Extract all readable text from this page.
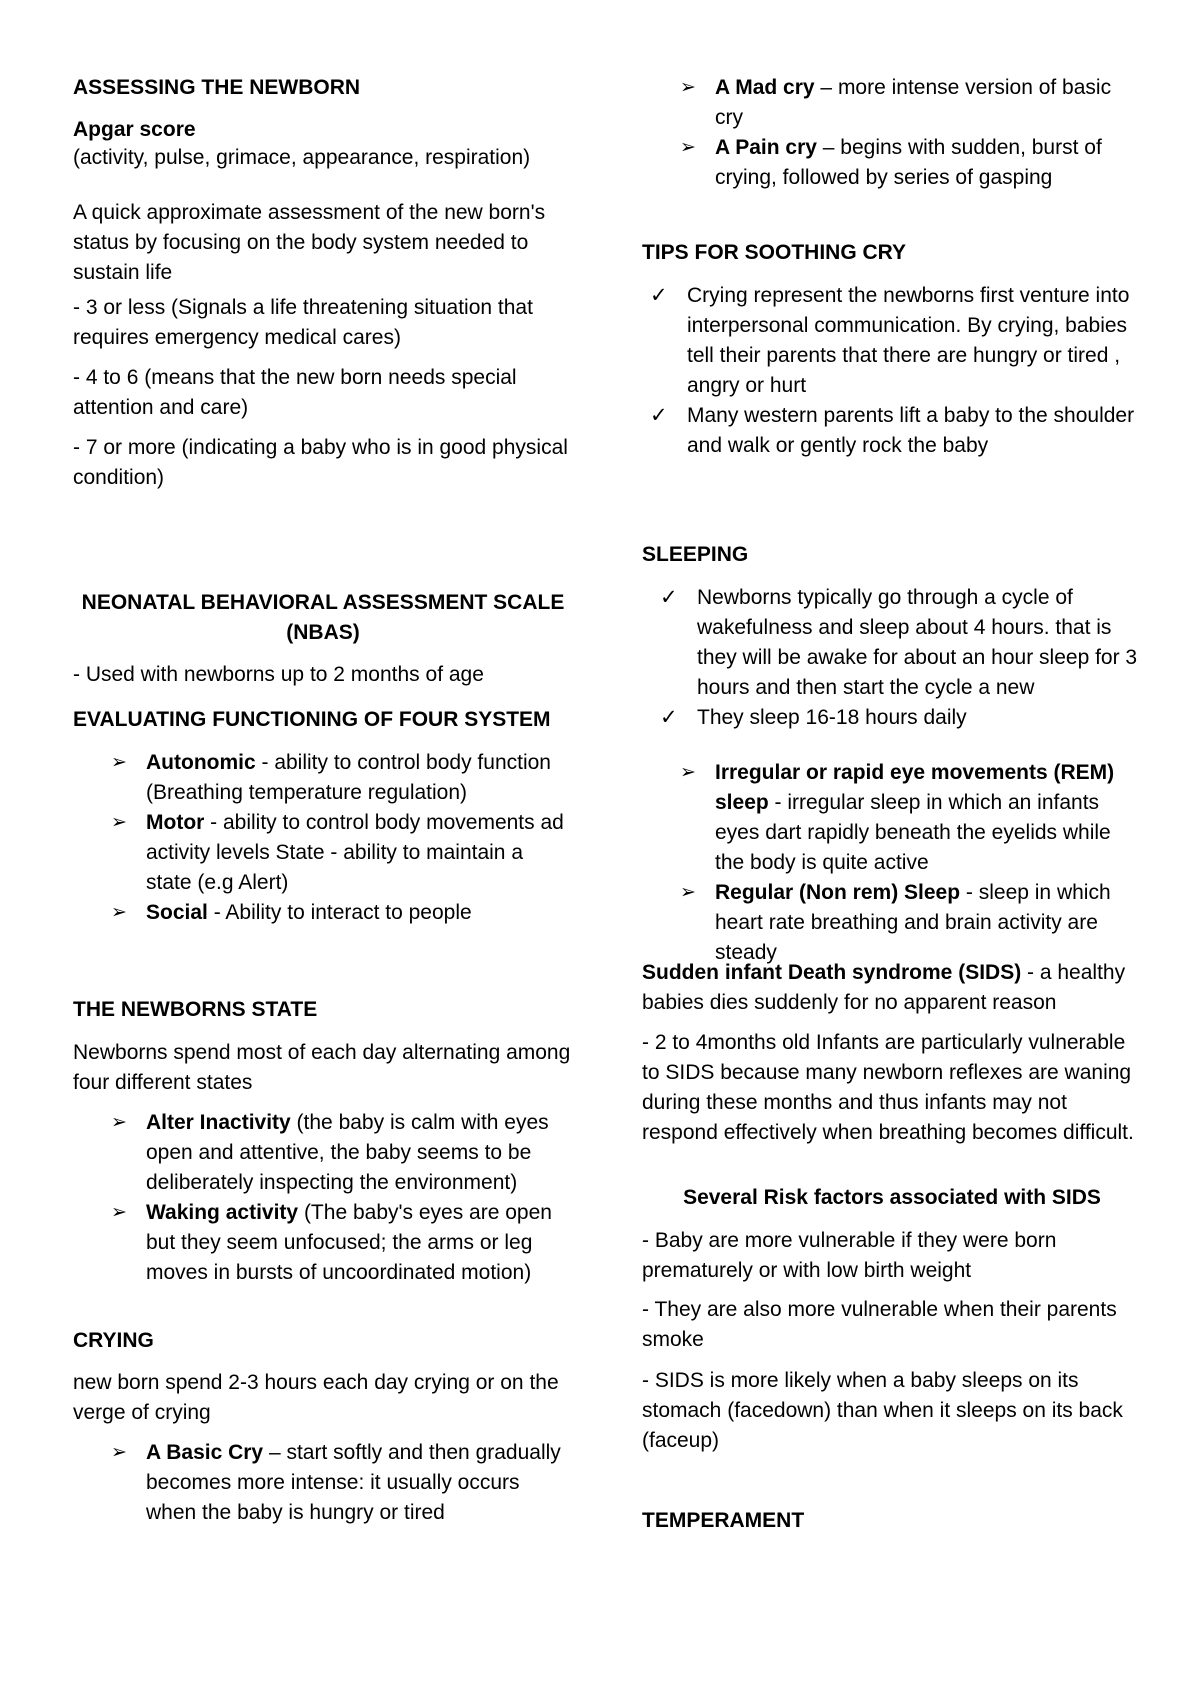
ASSESSING THE NEWBORN
Apgar score
(activity, pulse, grimace, appearance, respiration)
A quick approximate assessment of the new born's status by focusing on the body system needed to sustain life
- 3 or less (Signals a life threatening situation that requires emergency medical cares)
- 4 to 6 (means that the new born needs special attention and care)
- 7 or more (indicating a baby who is in good physical condition)
NEONATAL BEHAVIORAL ASSESSMENT SCALE (NBAS)
- Used with newborns up to 2 months of age
EVALUATING FUNCTIONING OF FOUR SYSTEM
➢ Autonomic - ability to control body function (Breathing temperature regulation)
➢ Motor - ability to control body movements ad activity levels State - ability to maintain a state (e.g Alert)
➢ Social - Ability to interact to people
THE NEWBORNS STATE
Newborns spend most of each day alternating among four different states
➢ Alter Inactivity (the baby is calm with eyes open and attentive, the baby seems to be deliberately inspecting the environment)
➢ Waking activity (The baby's eyes are open but they seem unfocused; the arms or leg moves in bursts of uncoordinated motion)
CRYING
new born spend 2-3 hours each day crying or on the verge of crying
➢ A Basic Cry – start softly and then gradually becomes more intense: it usually occurs when the baby is hungry or tired
➢ A Mad cry – more intense version of basic cry
➢ A Pain cry – begins with sudden, burst of crying, followed by series of gasping
TIPS FOR SOOTHING CRY
✓ Crying represent the newborns first venture into interpersonal communication. By crying, babies tell their parents that there are hungry or tired , angry or hurt
✓ Many western parents lift a baby to the shoulder and walk or gently rock the baby
SLEEPING
✓ Newborns typically go through a cycle of wakefulness and sleep about 4 hours. that is they will be awake for about an hour sleep for 3 hours and then start the cycle a new
✓ They sleep 16-18 hours daily
➢ Irregular or rapid eye movements (REM) sleep - irregular sleep in which an infants eyes dart rapidly beneath the eyelids while the body is quite active
➢ Regular (Non rem) Sleep - sleep in which heart rate breathing and brain activity are steady
Sudden infant Death syndrome (SIDS) - a healthy babies dies suddenly for no apparent reason
- 2 to 4months old Infants are particularly vulnerable to SIDS because many newborn reflexes are waning during these months and thus infants may not respond effectively when breathing becomes difficult.
Several Risk factors associated with SIDS
- Baby are more vulnerable if they were born prematurely or with low birth weight
- They are also more vulnerable when their parents smoke
- SIDS is more likely when a baby sleeps on its stomach (facedown) than when it sleeps on its back (faceup)
TEMPERAMENT
